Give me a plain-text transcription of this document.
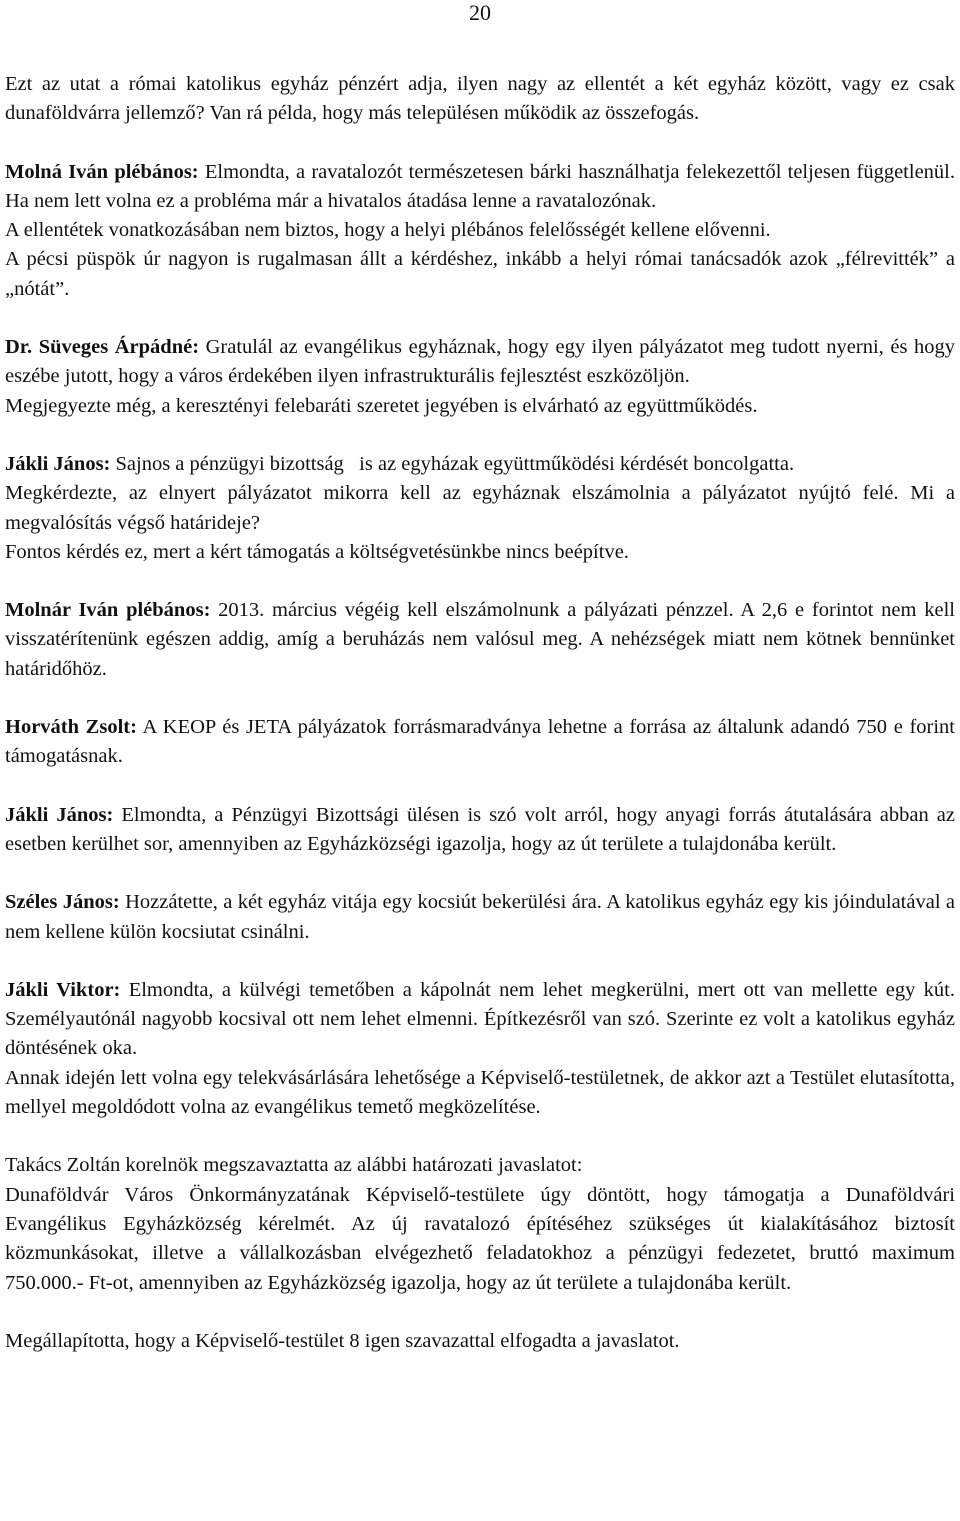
20

Ezt az utat a római katolikus egyház pénzért adja, ilyen nagy az ellentét a két egyház között, vagy ez csak dunaföldvárra jellemző? Van rá példa, hogy más településen működik az összefogás.

Molná Iván plébános: Elmondta, a ravatalozót természetesen bárki használhatja felekezettől teljesen függetlenül. Ha nem lett volna ez a probléma már a hivatalos átadása lenne a ravatalozónak.

A ellentétek vonatkozásában nem biztos, hogy a helyi plébános felelősségét kellene elővenni.

A pécsi püspök úr nagyon is rugalmasan állt a kérdéshez, inkább a helyi római tanácsadók azok „félrevitték” a „nótát”.

Dr. Süveges Árpádné: Gratulál az evangélikus egyháznak, hogy egy ilyen pályázatot meg tudott nyerni, és hogy eszébe jutott, hogy a város érdekében ilyen infrastrukturális fejlesztést eszközöljön.

Megjegyezte még, a keresztényi felebaráti szeretet jegyében is elvárható az együttműködés.

Jákli János: Sajnos a pénzügyi bizottság   is az egyházak együttműködési kérdését boncolgatta.

Megkérdezte, az elnyert pályázatot mikorra kell az egyháznak elszámolnia a pályázatot nyújtó felé. Mi a megvalósítás végső határideje?

Fontos kérdés ez, mert a kért támogatás a költségvetésünkbe nincs beépítve.

Molnár Iván plébános: 2013. március végéig kell elszámolnunk a pályázati pénzzel. A 2,6 e forintot nem kell visszatérítenünk egészen addig, amíg a beruházás nem valósul meg. A nehézségek miatt nem kötnek bennünket határidőhöz.

Horváth Zsolt: A KEOP és JETA pályázatok forrásmaradványa lehetne a forrása az általunk adandó 750 e forint támogatásnak.

Jákli János: Elmondta, a Pénzügyi Bizottsági ülésen is szó volt arról, hogy anyagi forrás átutalására abban az esetben kerülhet sor, amennyiben az Egyházközségi igazolja, hogy az út területe a tulajdonába került.

Széles János: Hozzátette, a két egyház vitája egy kocsiút bekerülési ára. A katolikus egyház egy kis jóindulatával a nem kellene külön kocsiutat csinálni.

Jákli Viktor: Elmondta, a külvégi temetőben a kápolnát nem lehet megkerülni, mert ott van mellette egy kút. Személyautónál nagyobb kocsival ott nem lehet elmenni. Építkezésről van szó. Szerinte ez volt a katolikus egyház döntésének oka.

Annak idején lett volna egy telekvásárlására lehetősége a Képviselő-testületnek, de akkor azt a Testület elutasította, mellyel megoldódott volna az evangélikus temető megközelítése.

Takács Zoltán korelnök megszavaztatta az alábbi határozati javaslatot:

Dunaföldvár Város Önkormányzatának Képviselő-testülete úgy döntött, hogy támogatja a Dunaföldvári Evangélikus Egyházközség kérelmét. Az új ravatalozó építéséhez szükséges út kialakításához biztosít közmunkásokat, illetve a vállalkozásban elvégezhető feladatokhoz a pénzügyi fedezetet, bruttó maximum 750.000.- Ft-ot, amennyiben az Egyházközség igazolja, hogy az út területe a tulajdonába került.

Megállapította, hogy a Képviselő-testület 8 igen szavazattal elfogadta a javaslatot.
